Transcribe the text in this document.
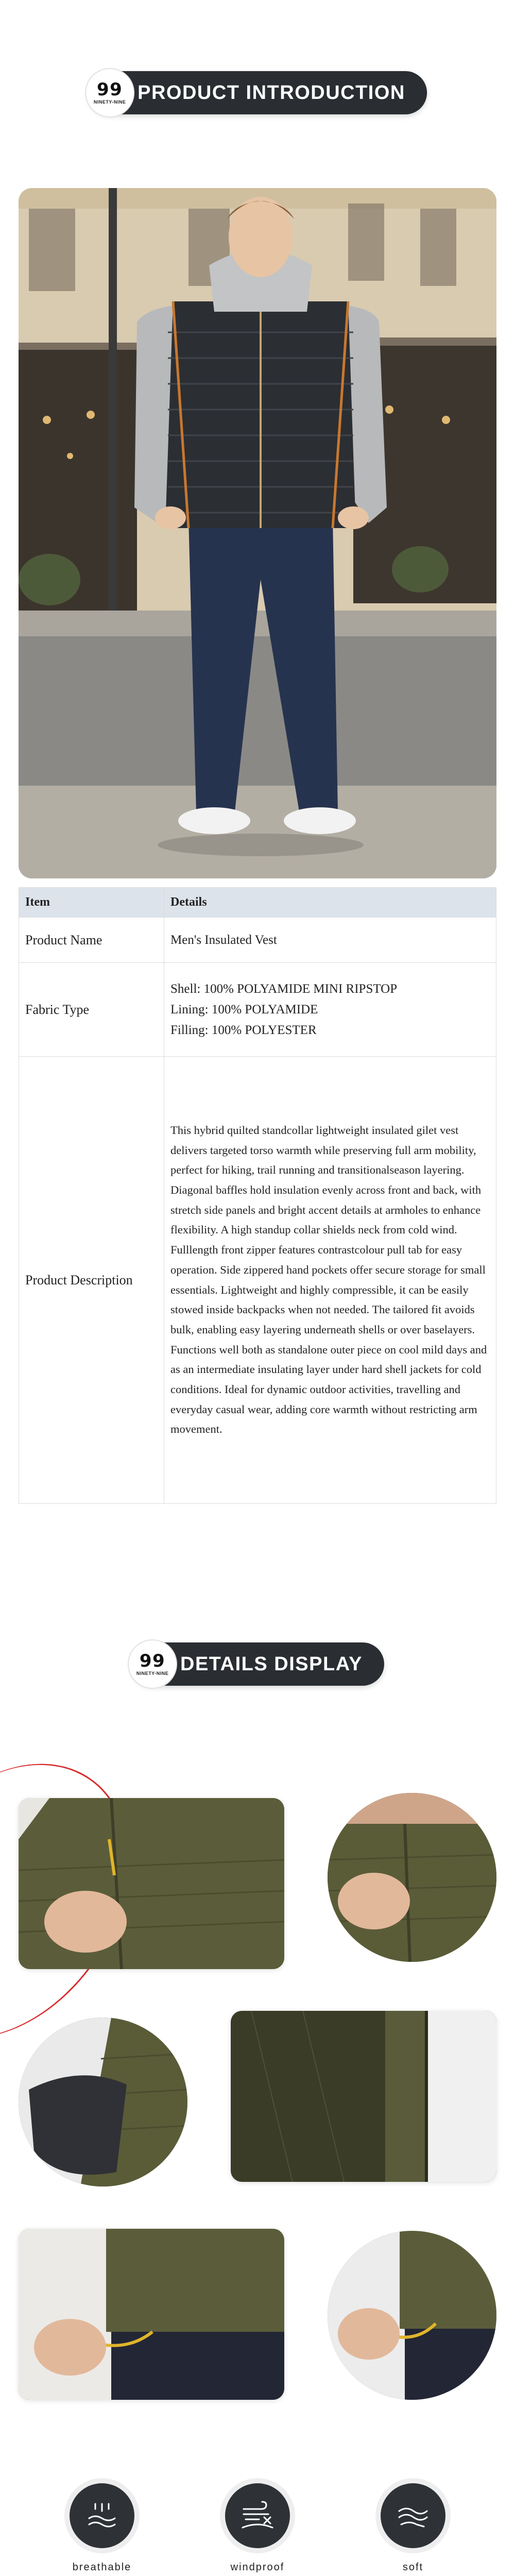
99
NINETY-NINE PRODUCT INTRODUCTION
Item	Details
Product Name	Men's Insulated Vest
Fabric Type	Shell: 100% POLYAMIDE MINI RIPSTOP
Lining: 100% POLYAMIDE
Filling: 100% POLYESTER

Product Description	This hybrid quilted standcollar lightweight insulated gilet vest delivers targeted torso warmth while preserving full arm mobility, perfect for hiking, trail running and transitionalseason layering. Diagonal baffles hold insulation evenly across front and back, with stretch side panels and bright accent details at armholes to enhance flexibility. A high standup collar shields neck from cold wind.
Fulllength front zipper features contrastcolour pull tab for easy operation. Side zippered hand pockets offer secure storage for small essentials. Lightweight and highly compressible, it can be easily stowed inside backpacks when not needed. The tailored fit avoids bulk, enabling easy layering underneath shells or over baselayers. Functions well both as standalone outer piece on cool mild days and as an intermediate insulating layer under hard shell jackets for cold conditions. Ideal for dynamic outdoor activities, travelling and everyday casual wear, adding core warmth without restricting arm movement.
99
NINETY-NINE DETAILS DISPLAY
breathable	windproof	soft
